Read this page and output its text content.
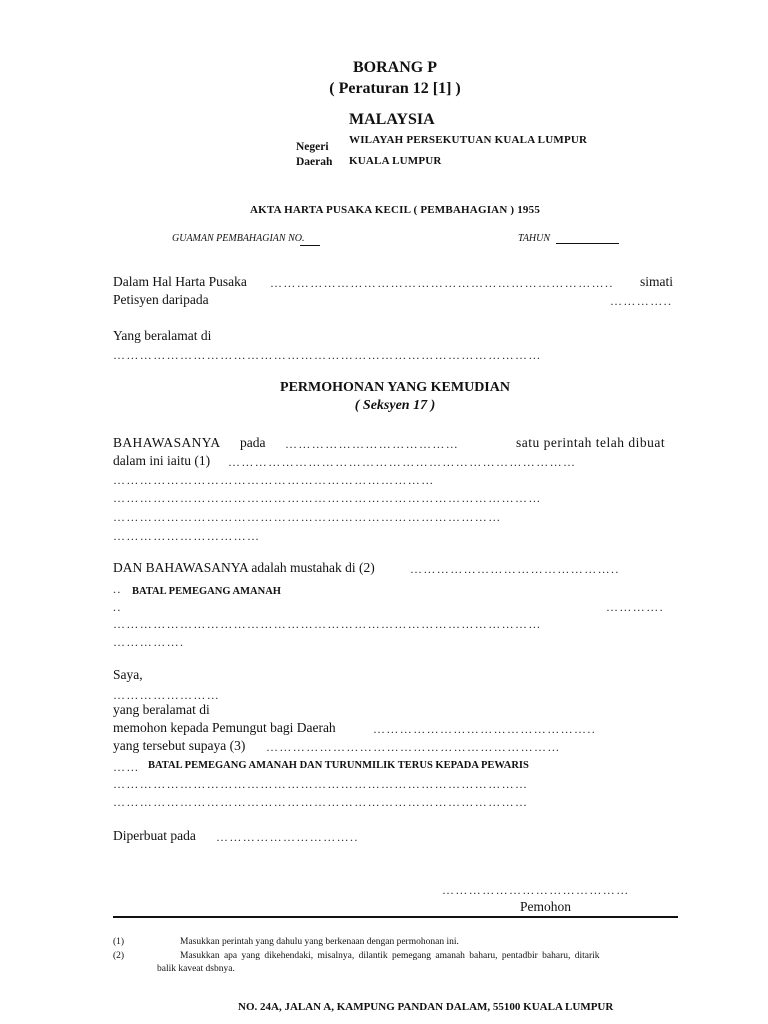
BORANG P
( Peraturan 12 [1] )
MALAYSIA
Negeri
WILAYAH PERSEKUTUAN KUALA LUMPUR
Daerah KUALA LUMPUR
AKTA HARTA PUSAKA KECIL ( PEMBAHAGIAN ) 1955
GUAMAN PEMBAHAGIAN NO.	TAHUN
Dalam Hal Harta Pusaka ………………………………………………………………….. simati
Petisyen daripada	…………..
Yang beralamat di
……………………………………………………………………………………
PERMOHONAN YANG KEMUDIAN
( Seksyen 17 )
BAHAWASANYA pada …………………………………	satu perintah telah dibuat
dalam ini iaitu (1) ……………………………………………………………………
………………………………………………………………
……………………………………………………………………………………
……………………………………………………………………………
……………………………
DAN BAHAWASANYA adalah mustahak di (2)	………………………………………..
.. BATAL PEMEGANG AMANAH
..	………….
……………………………………………………………………………………
…………….
Saya,
……………………
yang beralamat di
memohon kepada Pemungut bagi Daerah	…………………………………………..
yang tersebut supaya (3) …………………………………………………………
…… BATAL PEMEGANG AMANAH DAN TURUNMILIK TERUS KEPADA PEWARIS
…………………………………………………………………………………
…………………………………………………………………………………
Diperbuat pada …………………………..
……………………………………
Pemohon
(1)	Masukkan perintah yang dahulu yang berkenaan dengan permohonan ini.
(2)	Masukkan apa yang dikehendaki, misalnya, dilantik pemegang amanah baharu, pentadbir baharu, ditarik
balik kaveat dsbnya.
NO. 24A, JALAN A, KAMPUNG PANDAN DALAM, 55100 KUALA LUMPUR
